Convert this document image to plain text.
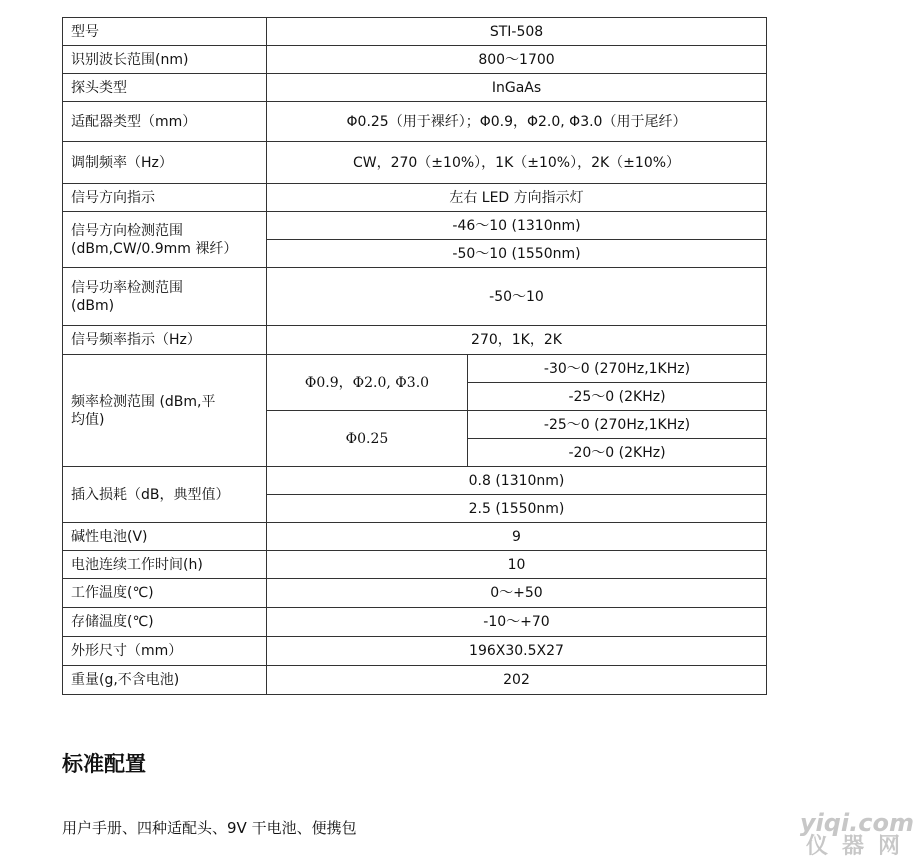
型号	STI-508	
识别波长范围(nm)	800～1700	
探头类型	InGaAs	
适配器类型（mm）	Φ0.25（用于裸纤）；Φ0.9，Φ2.0, Φ3.0（用于尾纤）	
调制频率（Hz）	CW，270（±10%），1K（±10%），2K（±10%）	
信号方向指示	左右 LED 方向指示灯	

信号方向检测范围
(dBm,CW/0.9mm 裸纤）	-46～10 (1310nm)	
	-50～10 (1550nm)	

信号功率检测范围
(dBm)	-50～10	
信号频率指示（Hz）	270，1K，2K	

频率检测范围 (dBm,平
均值)	Φ0.9，Φ2.0, Φ3.0	-30～0 (270Hz,1KHz)
		-25～0 (2KHz)
	Φ0.25	-25～0 (270Hz,1KHz)
		-20～0 (2KHz)
插入损耗（dB，典型值）	0.8 (1310nm)	
	2.5 (1550nm)	
碱性电池(V)	9	
电池连续工作时间(h)	10	
工作温度(℃)	0～+50	
存储温度(℃)	-10～+70	
外形尺寸（mm）	196X30.5X27	
重量(g,不含电池)	202	
标准配置

用户手册、四种适配头、9V 干电池、便携包	yiqi.com
仪器网
